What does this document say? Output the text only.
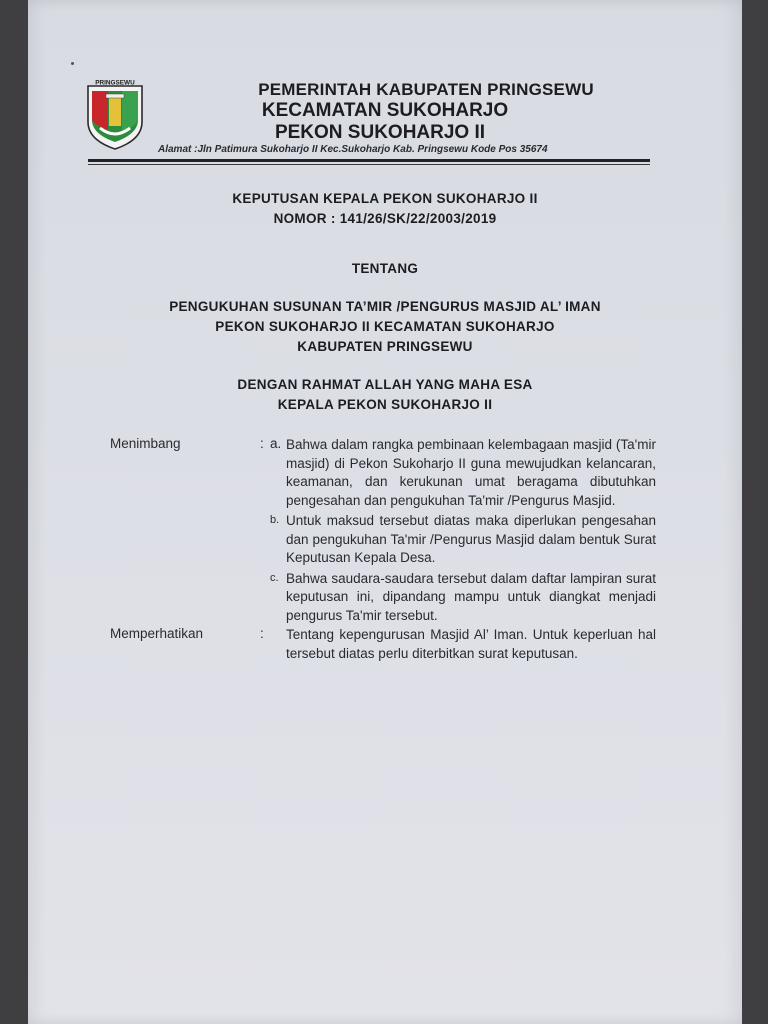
PRINGSEWU	PEMERINTAH KABUPATEN PRINGSEWU
KECAMATAN SUKOHARJO
PEKON SUKOHARJO II
Alamat :Jln Patimura Sukoharjo II Kec.Sukoharjo Kab. Pringsewu Kode Pos 35674
KEPUTUSAN KEPALA PEKON SUKOHARJO II
NOMOR : 141/26/SK/22/2003/2019
TENTANG
PENGUKUHAN SUSUNAN TA’MIR /PENGURUS MASJID AL’ IMAN
PEKON SUKOHARJO II KECAMATAN SUKOHARJO
KABUPATEN PRINGSEWU
DENGAN RAHMAT ALLAH YANG MAHA ESA
KEPALA PEKON SUKOHARJO II
Menimbang	: a. Bahwa dalam rangka pembinaan kelembagaan masjid (Ta'mir masjid) di Pekon Sukoharjo II guna mewujudkan kelancaran, keamanan, dan kerukunan umat beragama dibutuhkan pengesahan dan pengukuhan Ta'mir /Pengurus Masjid.
b. Untuk maksud tersebut diatas maka diperlukan pengesahan dan pengukuhan Ta'mir /Pengurus Masjid dalam bentuk Surat Keputusan Kepala Desa.
c. Bahwa saudara-saudara tersebut dalam daftar lampiran surat keputusan ini, dipandang mampu untuk diangkat menjadi pengurus Ta'mir tersebut.
Memperhatikan	: Tentang kepengurusan Masjid Al’ Iman. Untuk keperluan hal tersebut diatas perlu diterbitkan surat keputusan.
